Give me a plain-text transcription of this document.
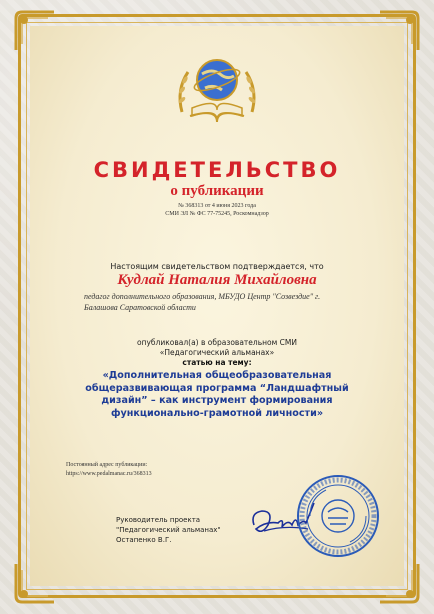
СВИДЕТЕЛЬСТВО
о публикации
№ 368313 от 4 июня 2023 года
СМИ ЭЛ № ФС 77-75245, Роскомнадзор
Настоящим свидетельством подтверждается, что
Кудлай Наталия Михайловна
педагог дополнительного образования, МБУДО Центр "Созвездие" г.
Балашова Саратовской области
опубликовал(а) в образовательном СМИ
«Педагогический альманах»
статью на тему:
«Дополнительная общеобразовательная
общеразвивающая программа “Ландшафтный
дизайн” – как инструмент формирования
функционально-грамотной личности»
Постоянный адрес публикации:
https://www.pedalmanac.ru/368313
Руководитель проекта
"Педагогический альманах"
Остапенко В.Г.
